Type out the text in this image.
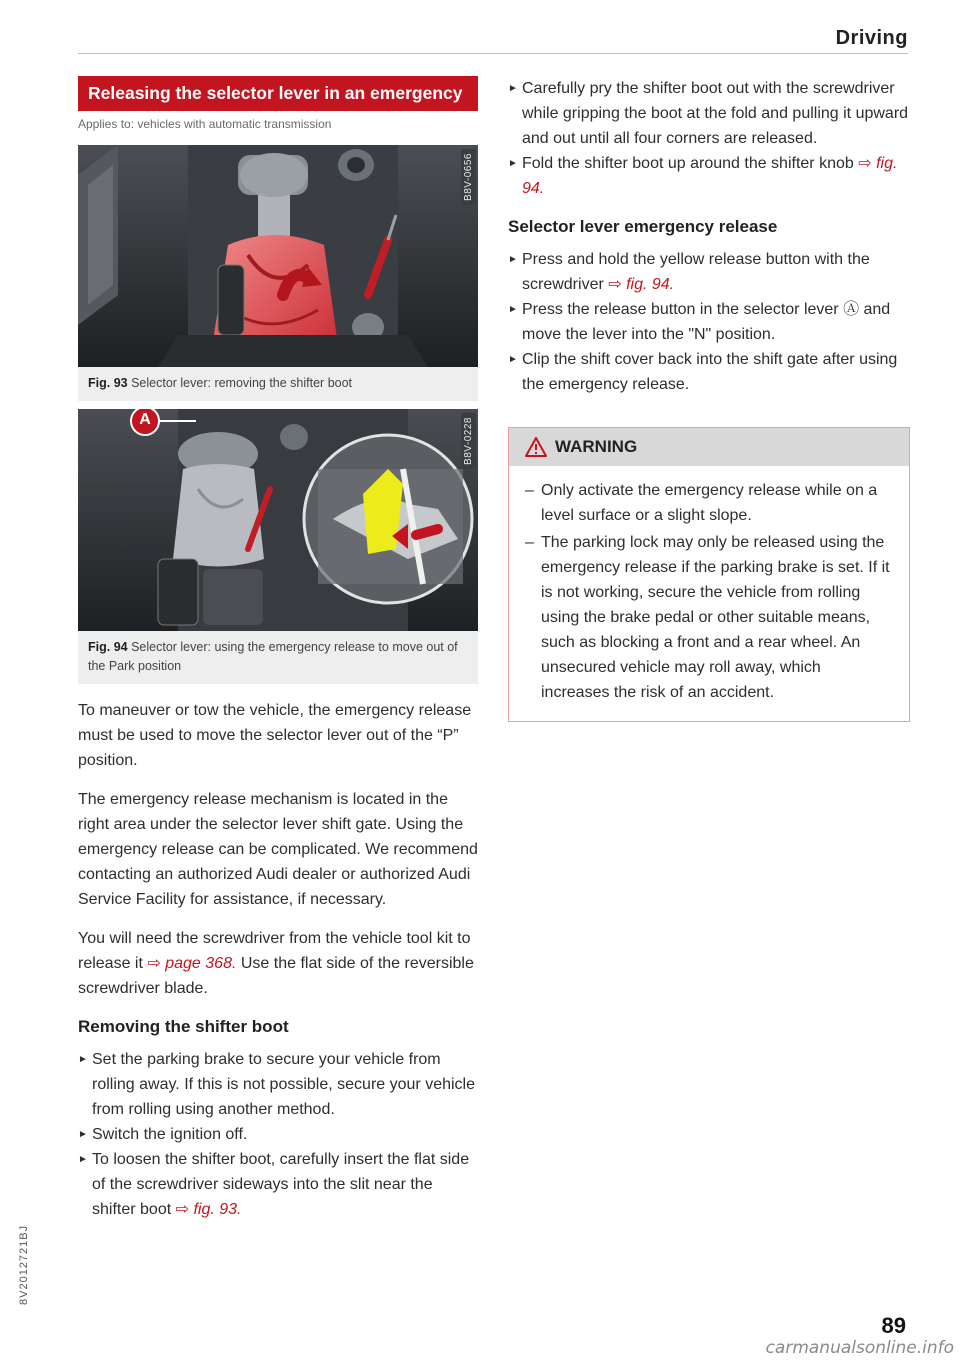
Driving
Releasing the selector lever in an emergency
Applies to: vehicles with automatic transmission
B8V-0656
Fig. 93 Selector lever: removing the shifter boot
A	B8V-0228
Fig. 94 Selector lever: using the emergency release to move out of the Park position

To maneuver or tow the vehicle, the emergency release must be used to move the selector lever out of the “P” position.

The emergency release mechanism is located in the right area under the selector lever shift gate. Using the emergency release can be complicated. We recommend contacting an authorized Audi dealer or authorized Audi Service Facility for assistance, if necessary.

You will need the screwdriver from the vehicle tool kit to release it ⇨ page 368. Use the flat side of the reversible screwdriver blade.

Removing the shifter boot
► Set the parking brake to secure your vehicle from rolling away. If this is not possible, secure your vehicle from rolling using another method.
► Switch the ignition off.
► To loosen the shifter boot, carefully insert the flat side of the screwdriver sideways into the slit near the shifter boot ⇨ fig. 93.
► Carefully pry the shifter boot out with the screwdriver while gripping the boot at the fold and pulling it upward and out until all four corners are released.
► Fold the shifter boot up around the shifter knob ⇨ fig. 94.
Selector lever emergency release
► Press and hold the yellow release button with the screwdriver ⇨ fig. 94.
► Press the release button in the selector lever Ⓐ and move the lever into the "N" position.
► Clip the shift cover back into the shift gate after using the emergency release.
WARNING
– Only activate the emergency release while on a level surface or a slight slope.
– The parking lock may only be released using the emergency release if the parking brake is set. If it is not working, secure the vehicle from rolling using the brake pedal or other suitable means, such as blocking a front and a rear wheel. An unsecured vehicle may roll away, which increases the risk of an accident.
8V2012721BJ
89
carmanualsonline.info
